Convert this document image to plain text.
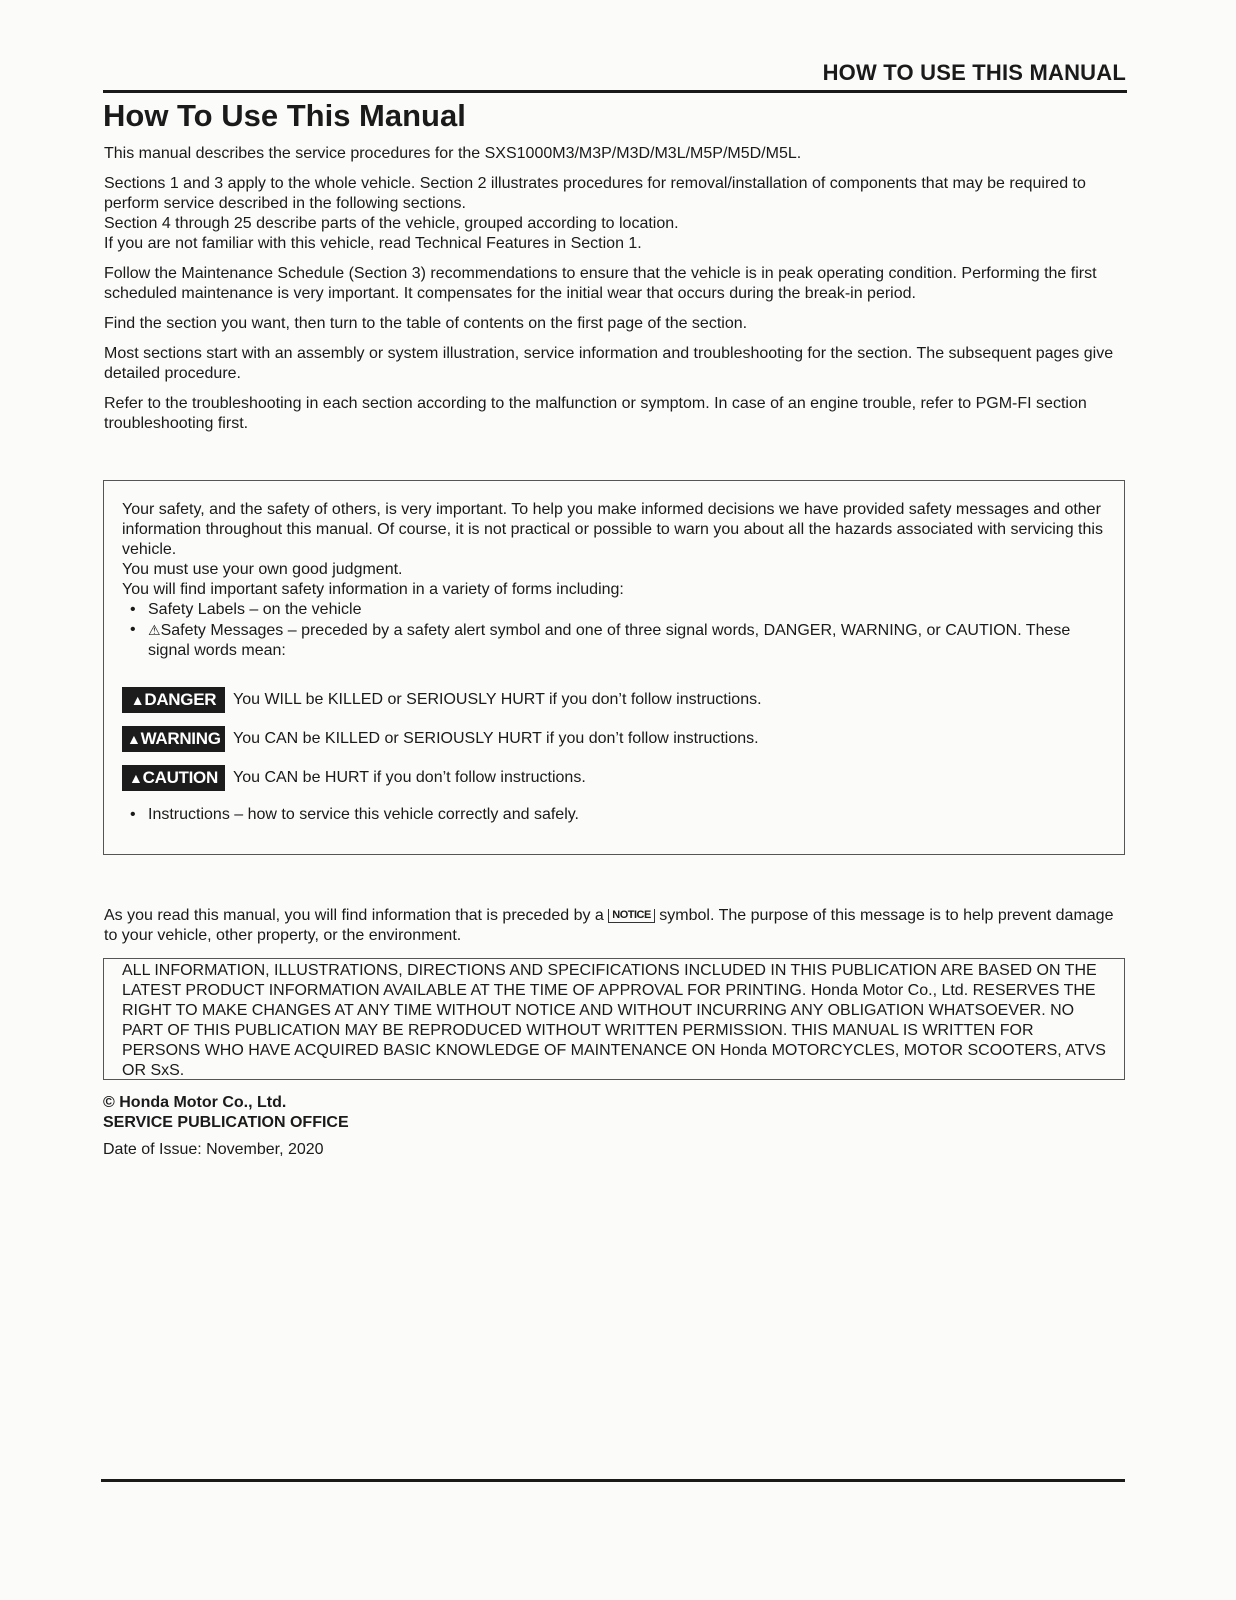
HOW TO USE THIS MANUAL
How To Use This Manual

This manual describes the service procedures for the SXS1000M3/M3P/M3D/M3L/M5P/M5D/M5L.

Sections 1 and 3 apply to the whole vehicle. Section 2 illustrates procedures for removal/installation of components that may be required to perform service described in the following sections.
Section 4 through 25 describe parts of the vehicle, grouped according to location.
If you are not familiar with this vehicle, read Technical Features in Section 1.

Follow the Maintenance Schedule (Section 3) recommendations to ensure that the vehicle is in peak operating condition. Performing the first scheduled maintenance is very important. It compensates for the initial wear that occurs during the break-in period.

Find the section you want, then turn to the table of contents on the first page of the section.

Most sections start with an assembly or system illustration, service information and troubleshooting for the section. The subsequent pages give detailed procedure.

Refer to the troubleshooting in each section according to the malfunction or symptom. In case of an engine trouble, refer to PGM-FI section troubleshooting first.

Your safety, and the safety of others, is very important. To help you make informed decisions we have provided safety messages and other information throughout this manual. Of course, it is not practical or possible to warn you about all the hazards associated with servicing this vehicle.

You must use your own good judgment.

You will find important safety information in a variety of forms including:

• Safety Labels – on the vehicle
• ⚠Safety Messages – preceded by a safety alert symbol and one of three signal words, DANGER, WARNING, or CAUTION. These signal words mean:
▲DANGER	You WILL be KILLED or SERIOUSLY HURT if you don’t follow instructions.
▲WARNING You CAN be KILLED or SERIOUSLY HURT if you don’t follow instructions.
▲CAUTION You CAN be HURT if you don’t follow instructions.
• Instructions – how to service this vehicle correctly and safely.

As you read this manual, you will find information that is preceded by a NOTICE symbol. The purpose of this message is to help prevent damage to your vehicle, other property, or the environment.

ALL INFORMATION, ILLUSTRATIONS, DIRECTIONS AND SPECIFICATIONS INCLUDED IN THIS PUBLICATION ARE BASED ON THE LATEST PRODUCT INFORMATION AVAILABLE AT THE TIME OF APPROVAL FOR PRINTING. Honda Motor Co., Ltd. RESERVES THE RIGHT TO MAKE CHANGES AT ANY TIME WITHOUT NOTICE AND WITHOUT INCURRING ANY OBLIGATION WHATSOEVER. NO PART OF THIS PUBLICATION MAY BE REPRODUCED WITHOUT WRITTEN PERMISSION. THIS MANUAL IS WRITTEN FOR PERSONS WHO HAVE ACQUIRED BASIC KNOWLEDGE OF MAINTENANCE ON Honda MOTORCYCLES, MOTOR SCOOTERS, ATVS OR SxS.

© Honda Motor Co., Ltd.
SERVICE PUBLICATION OFFICE
Date of Issue: November, 2020
